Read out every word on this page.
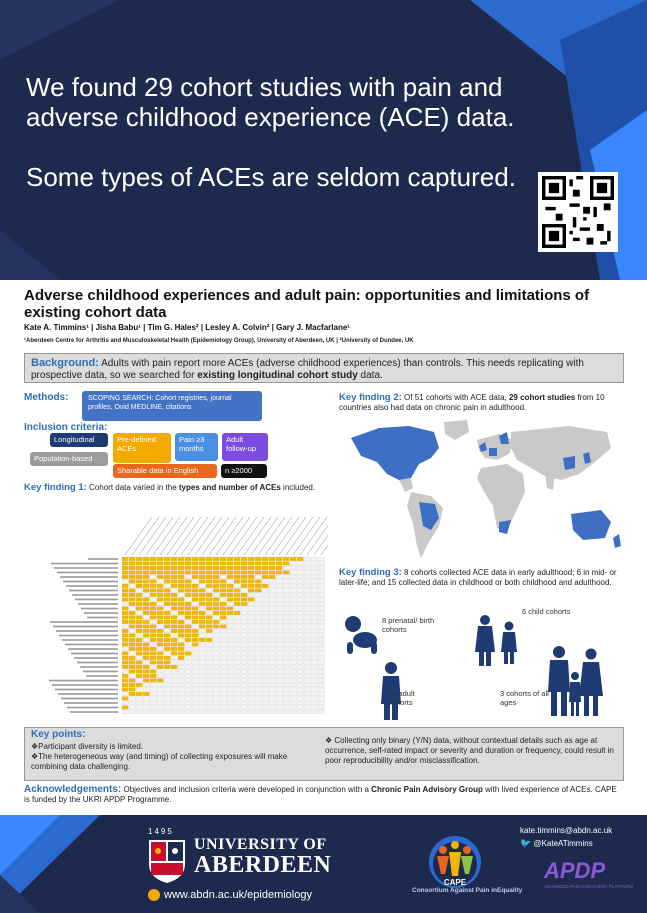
We found 29 cohort studies with pain and adverse childhood experience (ACE) data.

Some types of ACEs are seldom captured.

Adverse childhood experiences and adult pain: opportunities and limitations of existing cohort data
Kate A. Timmins¹ | Jisha Babu¹ | Tim G. Hales² | Lesley A. Colvin² | Gary J. Macfarlane¹
¹Aberdeen Centre for Arthritis and Musculoskeletal Health (Epidemiology Group), University of Aberdeen, UK | ²University of Dundee, UK
Background: Adults with pain report more ACEs (adverse childhood experiences) than controls. This needs replicating with prospective data, so we searched for existing longitudinal cohort study data.
Methods:	SCOPING SEARCH: Cohort registries, journal profiles, Ovid MEDLINE, citations
Inclusion criteria:
Longitudinal
Population-based
Pre-defined ACEs
Pain ≥3 months
Adult follow-up
Sharable data in English	n ≥2000
Key finding 1: Cohort data varied in the types and number of ACEs included.
Key finding 2: Of 51 cohorts with ACE data, 29 cohort studies from 10 countries also had data on chronic pain in adulthood.
Key finding 3: 8 cohorts collected ACE data in early adulthood; 6 in mid- or later-life; and 15 collected data in childhood or both childhood and adulthood.
8 prenatal/ birth cohorts
6 child cohorts
12 adult cohorts
3 cohorts of all ages
Key points:
❖Participant diversity is limited.
❖The heterogeneous way (and timing) of collecting exposures will make combining data challenging.
❖ Collecting only binary (Y/N) data, without contextual details such as age at occurrence, self-rated impact or severity and duration or frequency, could result in poor reproducibility and/or misclassification.
Acknowledgements: Objectives and inclusion criteria were developed in conjunction with a Chronic Pain Advisory Group with lived experience of ACEs. CAPE is funded by the UKRI APDP Programme.
1495
UNIVERSITY OF
ABERDEEN
www.abdn.ac.uk/epidemiology
kate.timmins@abdn.ac.uk
🐦 @KateATimmins
CAPE
Consortium Against Pain inEquality
APDP
ADVANCED PAIN DISCOVERY PLATFORM
